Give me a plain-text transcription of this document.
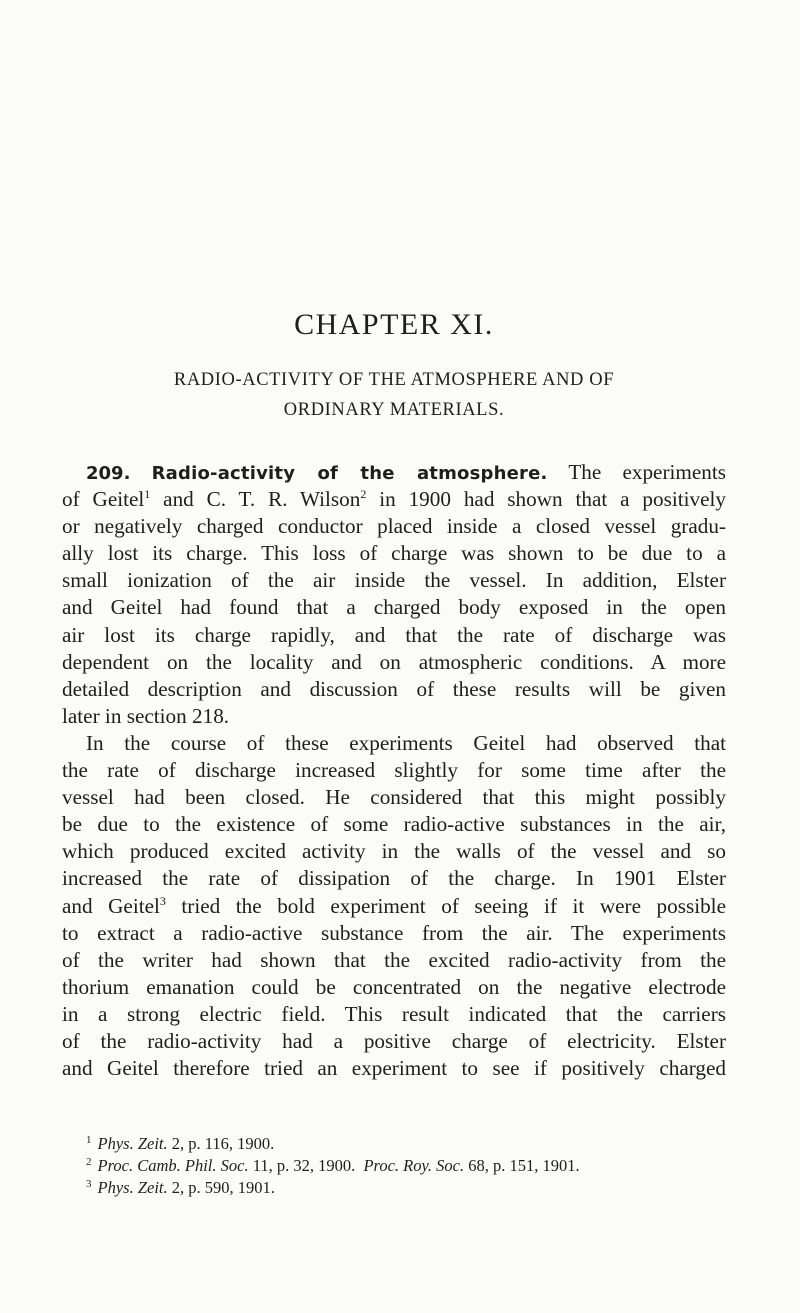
CHAPTER XI.
RADIO-ACTIVITY OF THE ATMOSPHERE AND OF
ORDINARY MATERIALS.
209. Radio-activity of the atmosphere. The experiments
of Geitel$^1$ and C. T. R. Wilson$^2$ in 1900 had shown that a positively
or negatively charged conductor placed inside a closed vessel gradu-
ally lost its charge. This loss of charge was shown to be due to a
small ionization of the air inside the vessel. In addition, Elster
and Geitel had found that a charged body exposed in the open
air lost its charge rapidly, and that the rate of discharge was
dependent on the locality and on atmospheric conditions. A more
detailed description and discussion of these results will be given
later in section 218.
In the course of these experiments Geitel had observed that
the rate of discharge increased slightly for some time after the
vessel had been closed. He considered that this might possibly
be due to the existence of some radio-active substances in the air,
which produced excited activity in the walls of the vessel and so
increased the rate of dissipation of the charge. In 1901 Elster
and Geitel$^3$ tried the bold experiment of seeing if it were possible
to extract a radio-active substance from the air. The experiments
of the writer had shown that the excited radio-activity from the
thorium emanation could be concentrated on the negative electrode
in a strong electric field. This result indicated that the carriers
of the radio-activity had a positive charge of electricity. Elster
and Geitel therefore tried an experiment to see if positively charged
$^1$ Phys. Zeit. 2, p. 116, 1900.
$^2$ Proc. Camb. Phil. Soc. 11, p. 32, 1900. Proc. Roy. Soc. 68, p. 151, 1901.
$^3$ Phys. Zeit. 2, p. 590, 1901.
